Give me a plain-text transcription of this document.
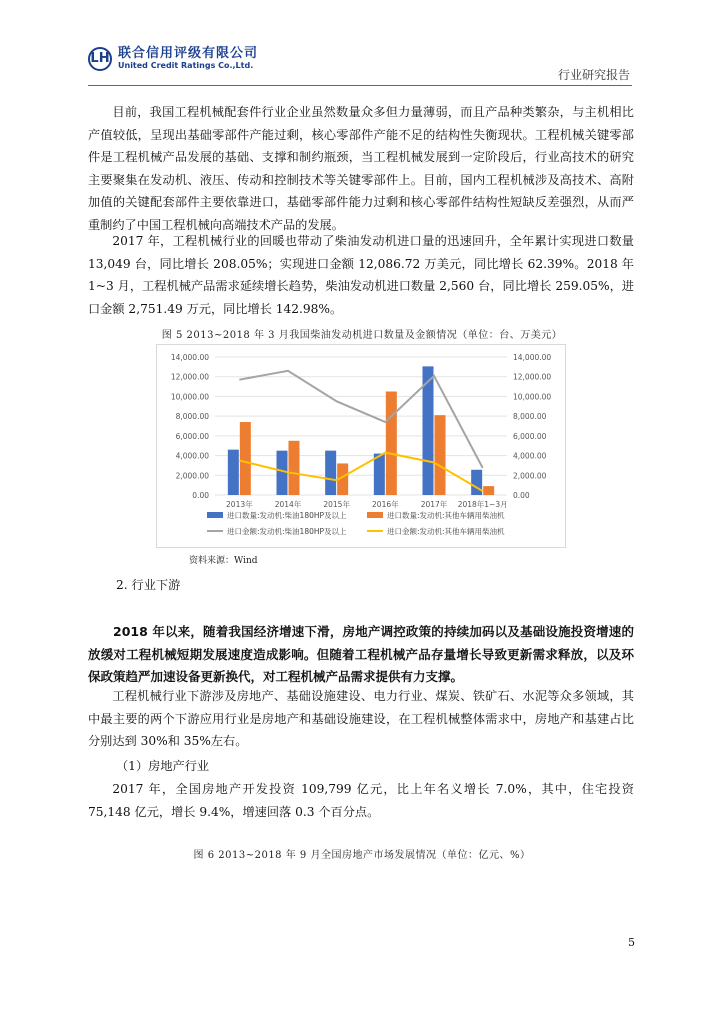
LH 联合信用评级有限公司
United Credit Ratings Co.,Ltd.
行业研究报告

目前，我国工程机械配套件行业企业虽然数量众多但力量薄弱，而且产品种类繁杂，与主机相比产值较低，呈现出基础零部件产能过剩，核心零部件产能不足的结构性失衡现状。工程机械关键零部件是工程机械产品发展的基础、支撑和制约瓶颈，当工程机械发展到一定阶段后，行业高技术的研究主要聚集在发动机、液压、传动和控制技术等关键零部件上。目前，国内工程机械涉及高技术、高附加值的关键配套部件主要依靠进口，基础零部件能力过剩和核心零部件结构性短缺反差强烈，从而严重制约了中国工程机械向高端技术产品的发展。

2017 年，工程机械行业的回暖也带动了柴油发动机进口量的迅速回升，全年累计实现进口数量 13,049 台，同比增长 208.05%；实现进口金额 12,086.72 万美元，同比增长 62.39%。2018 年 1~3 月，工程机械产品需求延续增长趋势，柴油发动机进口数量 2,560 台，同比增长 259.05%，进口金额 2,751.49 万元，同比增长 142.98%。

图 5 2013~2018 年 3 月我国柴油发动机进口数量及金额情况（单位：台、万美元）
0.00
2,000.00
4,000.00
6,000.00
8,000.00
10,000.00
12,000.00
14,000.00
0.00
2,000.00
4,000.00
6,000.00
8,000.00
10,000.00
12,000.00
14,000.00
2013年	2014年	2015年	2016年	2017年 2018年1~3月
进口数量:发动机:柴油180HP及以上	进口数量:发动机:其他车辆用柴油机
进口金额:发动机:柴油180HP及以上	进口金额:发动机:其他车辆用柴油机
资料来源：Wind
2. 行业下游

2018 年以来，随着我国经济增速下滑，房地产调控政策的持续加码以及基础设施投资增速的放缓对工程机械短期发展速度造成影响。但随着工程机械产品存量增长导致更新需求释放，以及环保政策趋严加速设备更新换代，对工程机械产品需求提供有力支撑。

工程机械行业下游涉及房地产、基础设施建设、电力行业、煤炭、铁矿石、水泥等众多领域，其中最主要的两个下游应用行业是房地产和基础设施建设，在工程机械整体需求中，房地产和基建占比分别达到 30%和 35%左右。

（1）房地产行业

2017 年，全国房地产开发投资 109,799 亿元，比上年名义增长 7.0%，其中，住宅投资 75,148 亿元，增长 9.4%，增速回落 0.3 个百分点。

图 6 2013~2018 年 9 月全国房地产市场发展情况（单位：亿元、%）
5
